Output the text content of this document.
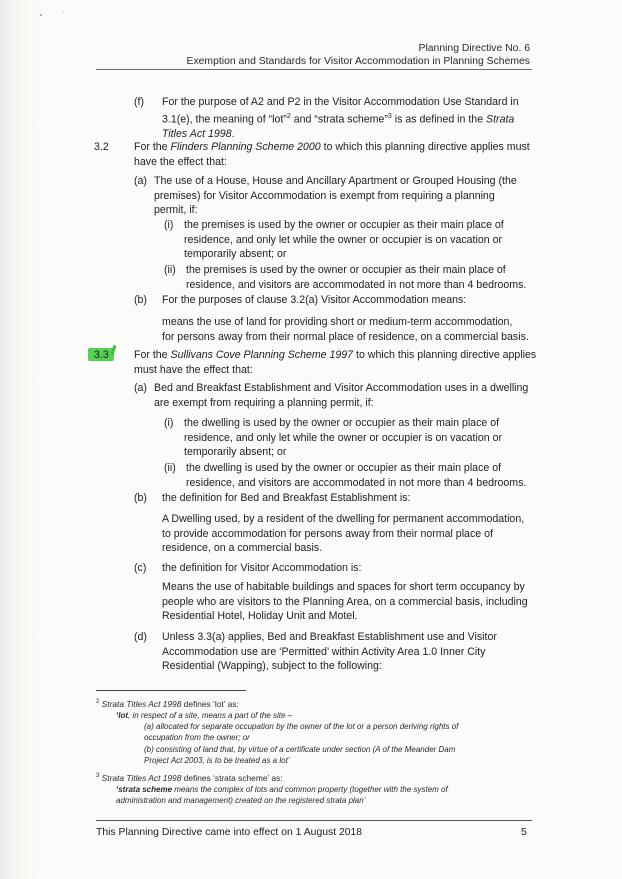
Planning Directive No. 6
Exemption and Standards for Visitor Accommodation in Planning Schemes
(f) For the purpose of A2 and P2 in the Visitor Accommodation Use Standard in
3.1(e), the meaning of “lot”$^2$ and “strata scheme”$^3$ is as defined in the Strata
Titles Act 1998.
3.2 For the Flinders Planning Scheme 2000 to which this planning directive applies must
have the effect that:
(a) The use of a House, House and Ancillary Apartment or Grouped Housing (the
premises) for Visitor Accommodation is exempt from requiring a planning
permit, if:
(i) the premises is used by the owner or occupier as their main place of
residence, and only let while the owner or occupier is on vacation or
temporarily absent; or
(ii) the premises is used by the owner or occupier as their main place of
residence, and visitors are accommodated in not more than 4 bedrooms.
(b) For the purposes of clause 3.2(a) Visitor Accommodation means:
means the use of land for providing short or medium-term accommodation,
for persons away from their normal place of residence, on a commercial basis.
3.3 For the Sullivans Cove Planning Scheme 1997 to which this planning directive applies
must have the effect that:
(a) Bed and Breakfast Establishment and Visitor Accommodation uses in a dwelling
are exempt from requiring a planning permit, if:
(i) the dwelling is used by the owner or occupier as their main place of
residence, and only let while the owner or occupier is on vacation or
temporarily absent; or
(ii) the dwelling is used by the owner or occupier as their main place of
residence, and visitors are accommodated in not more than 4 bedrooms.
(b) the definition for Bed and Breakfast Establishment is:
A Dwelling used, by a resident of the dwelling for permanent accommodation,
to provide accommodation for persons away from their normal place of
residence, on a commercial basis.
(c) the definition for Visitor Accommodation is:
Means the use of habitable buildings and spaces for short term occupancy by
people who are visitors to the Planning Area, on a commercial basis, including
Residential Hotel, Holiday Unit and Motel.
(d) Unless 3.3(a) applies, Bed and Breakfast Establishment use and Visitor
Accommodation use are ‘Permitted’ within Activity Area 1.0 Inner City
Residential (Wapping), subject to the following:
$^2$ Strata Titles Act 1998 defines ‘lot’ as:
‘lot, in respect of a site, means a part of the site –
(a) allocated for separate occupation by the owner of the lot or a person deriving rights of
occupation from the owner; or
(b) consisting of land that, by virtue of a certificate under section (A of the Meander Dam
Project Act 2003, is to be treated as a lot’
$^3$ Strata Titles Act 1998 defines ‘strata scheme’ as:
‘strata scheme means the complex of lots and common property (together with the system of
administration and management) created on the registered strata plan’
This Planning Directive came into effect on 1 August 2018	5
